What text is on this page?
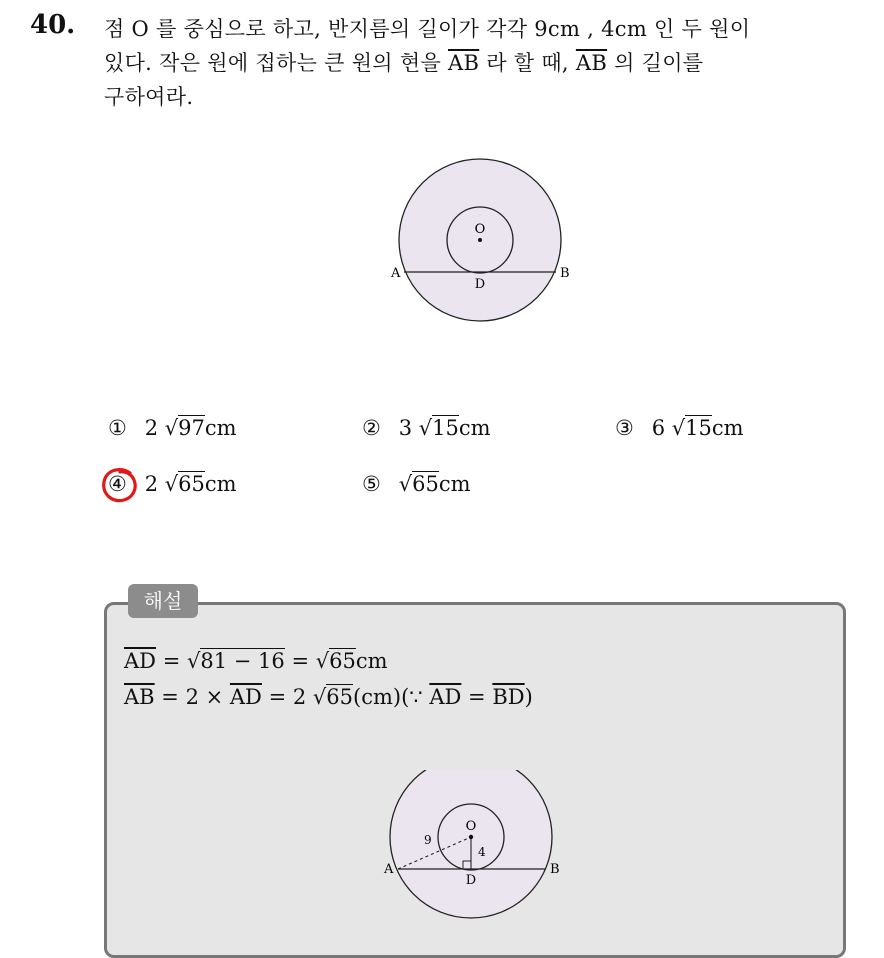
40. 점 O 를 중심으로 하고, 반지름의 길이가 각각 9cm , 4cm 인 두 원이
있다. 작은 원에 접하는 큰 원의 현을 $\overline{AB}$ 라 할 때, $\overline{AB}$ 의 길이를
구하여라.
O
A	B
D
① 2 √97cm	② 3 √15cm	③ 6 √15cm
④ 2 √65cm	⑤ √65cm
해설
$\overline{AD} = √81 - 16 = √65cm$
$\overline{AB} = 2 \times \overline{AD} = 2$ √65(cm)(∵ $\overline{AD} = \overline{BD}$)
O
A	B
D
9
4
